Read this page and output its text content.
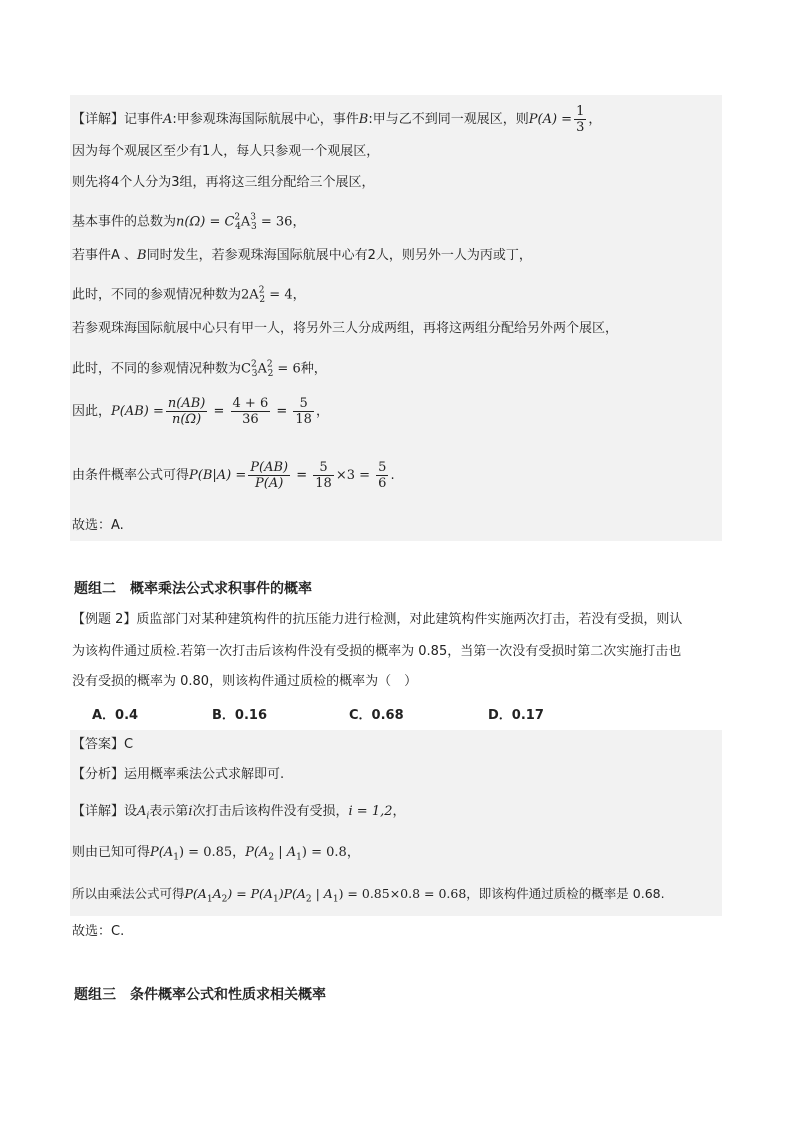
【详解】记事件A:甲参观珠海国际航展中心，事件B:甲与乙不到同一观展区，则$P(A) = \frac{1}{3}$ ，
因为每个观展区至少有1人，每人只参观一个观展区，
则先将4个人分为3组，再将这三组分配给三个展区，
基本事件的总数为$n(\Omega) = C^2_4A^3_3 = 36$，
若事件A 、B同时发生，若参观珠海国际航展中心有2人，则另外一人为丙或丁，
此时，不同的参观情况种数为$2A^2_2 = 4$，
若参观珠海国际航展中心只有甲一人，将另外三人分成两组，再将这两组分配给另外两个展区，
此时，不同的参观情况种数为$C^2_3A^2_2 = 6$种，
因此，$P(AB) = \frac{n(AB)}{n(\Omega)} = \frac{4 + 6}{36} = \frac{5}{18}$ ，
由条件概率公式可得$P(B|A) = \frac{P(AB)}{P(A)} = \frac{5}{18} \times 3 = \frac{5}{6}$ .
故选：A.
题组二　概率乘法公式求积事件的概率
【例题 2】质监部门对某种建筑构件的抗压能力进行检测，对此建筑构件实施两次打击，若没有受损，则认
为该构件通过质检.若第一次打击后该构件没有受损的概率为 0.85，当第一次没有受损时第二次实施打击也
没有受损的概率为 0.80，则该构件通过质检的概率为（　）
A．0.4	B．0.16	C．0.68	D．0.17
【答案】C
【分析】运用概率乘法公式求解即可.
【详解】设$A_i$表示第i次打击后该构件没有受损，i = 1,2，
则由已知可得$P(A_1) = 0.85$，$P(A_2$ | $A_1) = 0.8$，
所以由乘法公式可得$P(A_1A_2) = P(A_1)P(A_2$ | $A_1) = 0.85\times 0.8 = 0.68$，即该构件通过质检的概率是 0.68.
故选：C.
题组三　条件概率公式和性质求相关概率
